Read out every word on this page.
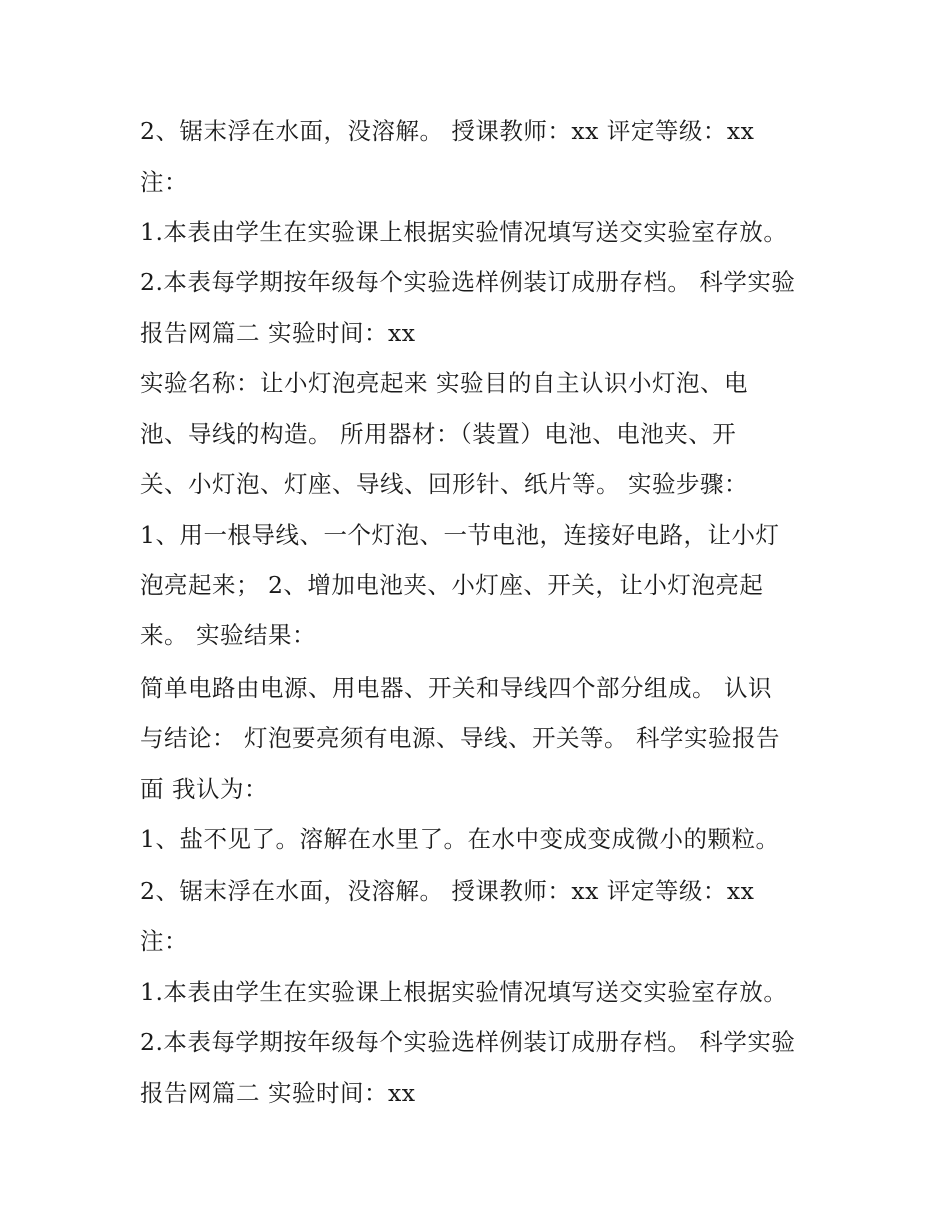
2、锯末浮在水面，没溶解。 授课教师：xx 评定等级：xx
注：
1.本表由学生在实验课上根据实验情况填写送交实验室存放。
2.本表每学期按年级每个实验选样例装订成册存档。 科学实验
报告网篇二 实验时间：xx
实验名称：让小灯泡亮起来 实验目的自主认识小灯泡、电
池、导线的构造。 所用器材：（装置）电池、电池夹、开
关、小灯泡、灯座、导线、回形针、纸片等。 实验步骤：
1、用一根导线、一个灯泡、一节电池，连接好电路，让小灯
泡亮起来； 2、增加电池夹、小灯座、开关，让小灯泡亮起
来。 实验结果：
简单电路由电源、用电器、开关和导线四个部分组成。 认识
与结论： 灯泡要亮须有电源、导线、开关等。 科学实验报告
面 我认为：
1、盐不见了。溶解在水里了。在水中变成变成微小的颗粒。
2、锯末浮在水面，没溶解。 授课教师：xx 评定等级：xx
注：
1.本表由学生在实验课上根据实验情况填写送交实验室存放。
2.本表每学期按年级每个实验选样例装订成册存档。 科学实验
报告网篇二 实验时间：xx
